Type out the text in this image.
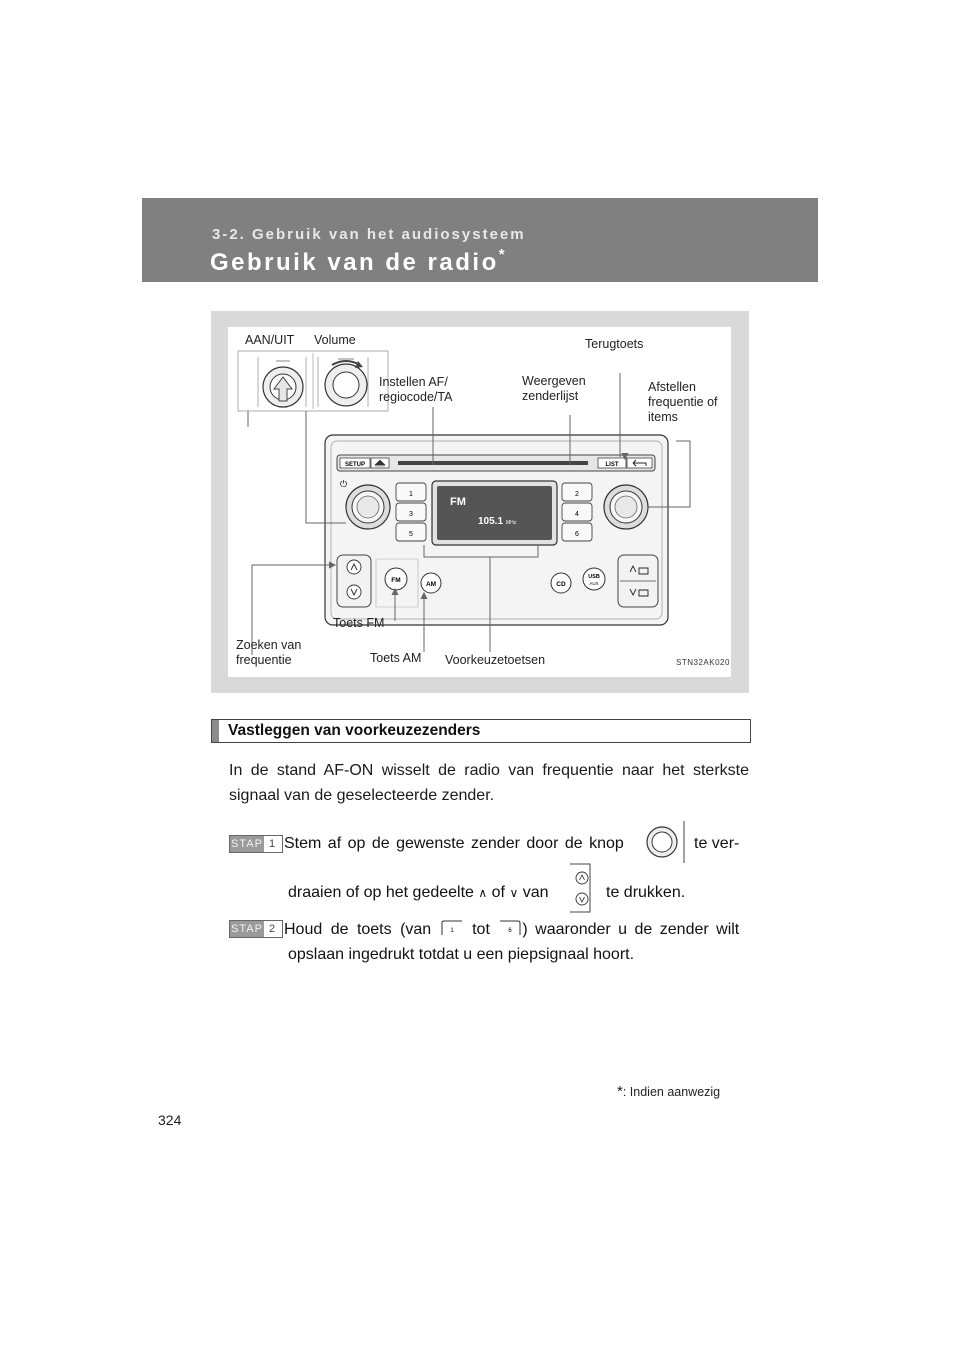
3-2. Gebruik van het audiosysteem
Gebruik van de radio*
SETUP	LIST
⏻
1
3
5
2
4
6
FM
105.1 MHz
FM
AM	CD
USB
AUX
AAN/UIT Volume	Terugtoets
Instellen AF/
regiocode/TA
Weergeven
zenderlijst
Afstellen
frequentie of
items
Toets FM
Zoeken van
frequentie	Toets AM Voorkeuzetoetsen	STN32AK020
Vastleggen van voorkeuzezenders
In de stand AF-ON wisselt de radio van frequentie naar het sterkste signaal van de geselecteerde zender.
STAP 1 Stem af op de gewenste zender door de knop	te ver-
draaien of op het gedeelte ∧ of ∨ van	te drukken.
STAP 2 Houd de toets (van	1 tot	6 ) waaronder u de zender wilt
opslaan ingedrukt totdat u een piepsignaal hoort.
*: Indien aanwezig
324
